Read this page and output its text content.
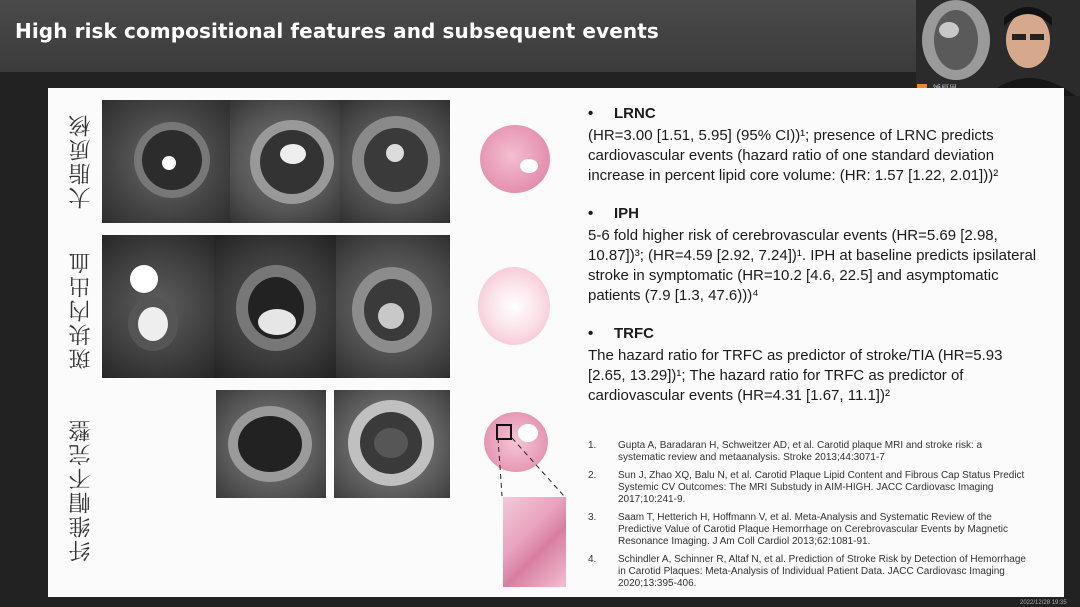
High risk compositional features and subsequent events
大脂质核
斑块内出血
纤维帽不完整
• LRNC
(HR=3.00 [1.51, 5.95] (95% CI))¹; presence of LRNC predicts cardiovascular events (hazard ratio of one standard deviation increase in percent lipid core volume: (HR: 1.57 [1.22, 2.01]))²
• IPH
5-6 fold higher risk of cerebrovascular events (HR=5.69 [2.98, 10.87])³; (HR=4.59 [2.92, 7.24])¹. IPH at baseline predicts ipsilateral stroke in symptomatic (HR=10.2 [4.6, 22.5] and asymptomatic patients (7.9 [1.3, 47.6)))⁴
• TRFC
The hazard ratio for TRFC as predictor of stroke/TIA (HR=5.93 [2.65, 13.29])¹; The hazard ratio for TRFC as predictor of cardiovascular events (HR=4.31 [1.67, 11.1])²
1.	Gupta A, Baradaran H, Schweitzer AD, et al. Carotid plaque MRI and stroke risk: a systematic review and metaanalysis. Stroke 2013;44:3071-7
2.	Sun J, Zhao XQ, Balu N, et al. Carotid Plaque Lipid Content and Fibrous Cap Status Predict Systemic CV Outcomes: The MRI Substudy in AIM-HIGH. JACC Cardiovasc Imaging 2017;10:241-9.
3.	Saam T, Hetterich H, Hoffmann V, et al. Meta-Analysis and Systematic Review of the Predictive Value of Carotid Plaque Hemorrhage on Cerebrovascular Events by Magnetic Resonance Imaging. J Am Coll Cardiol 2013;62:1081-91.
4.	Schindler A, Schinner R, Altaf N, et al. Prediction of Stroke Risk by Detection of Hemorrhage in Carotid Plaques: Meta-Analysis of Individual Patient Data. JACC Cardiovasc Imaging 2020;13:395-406.
2022/12/28 19:35
